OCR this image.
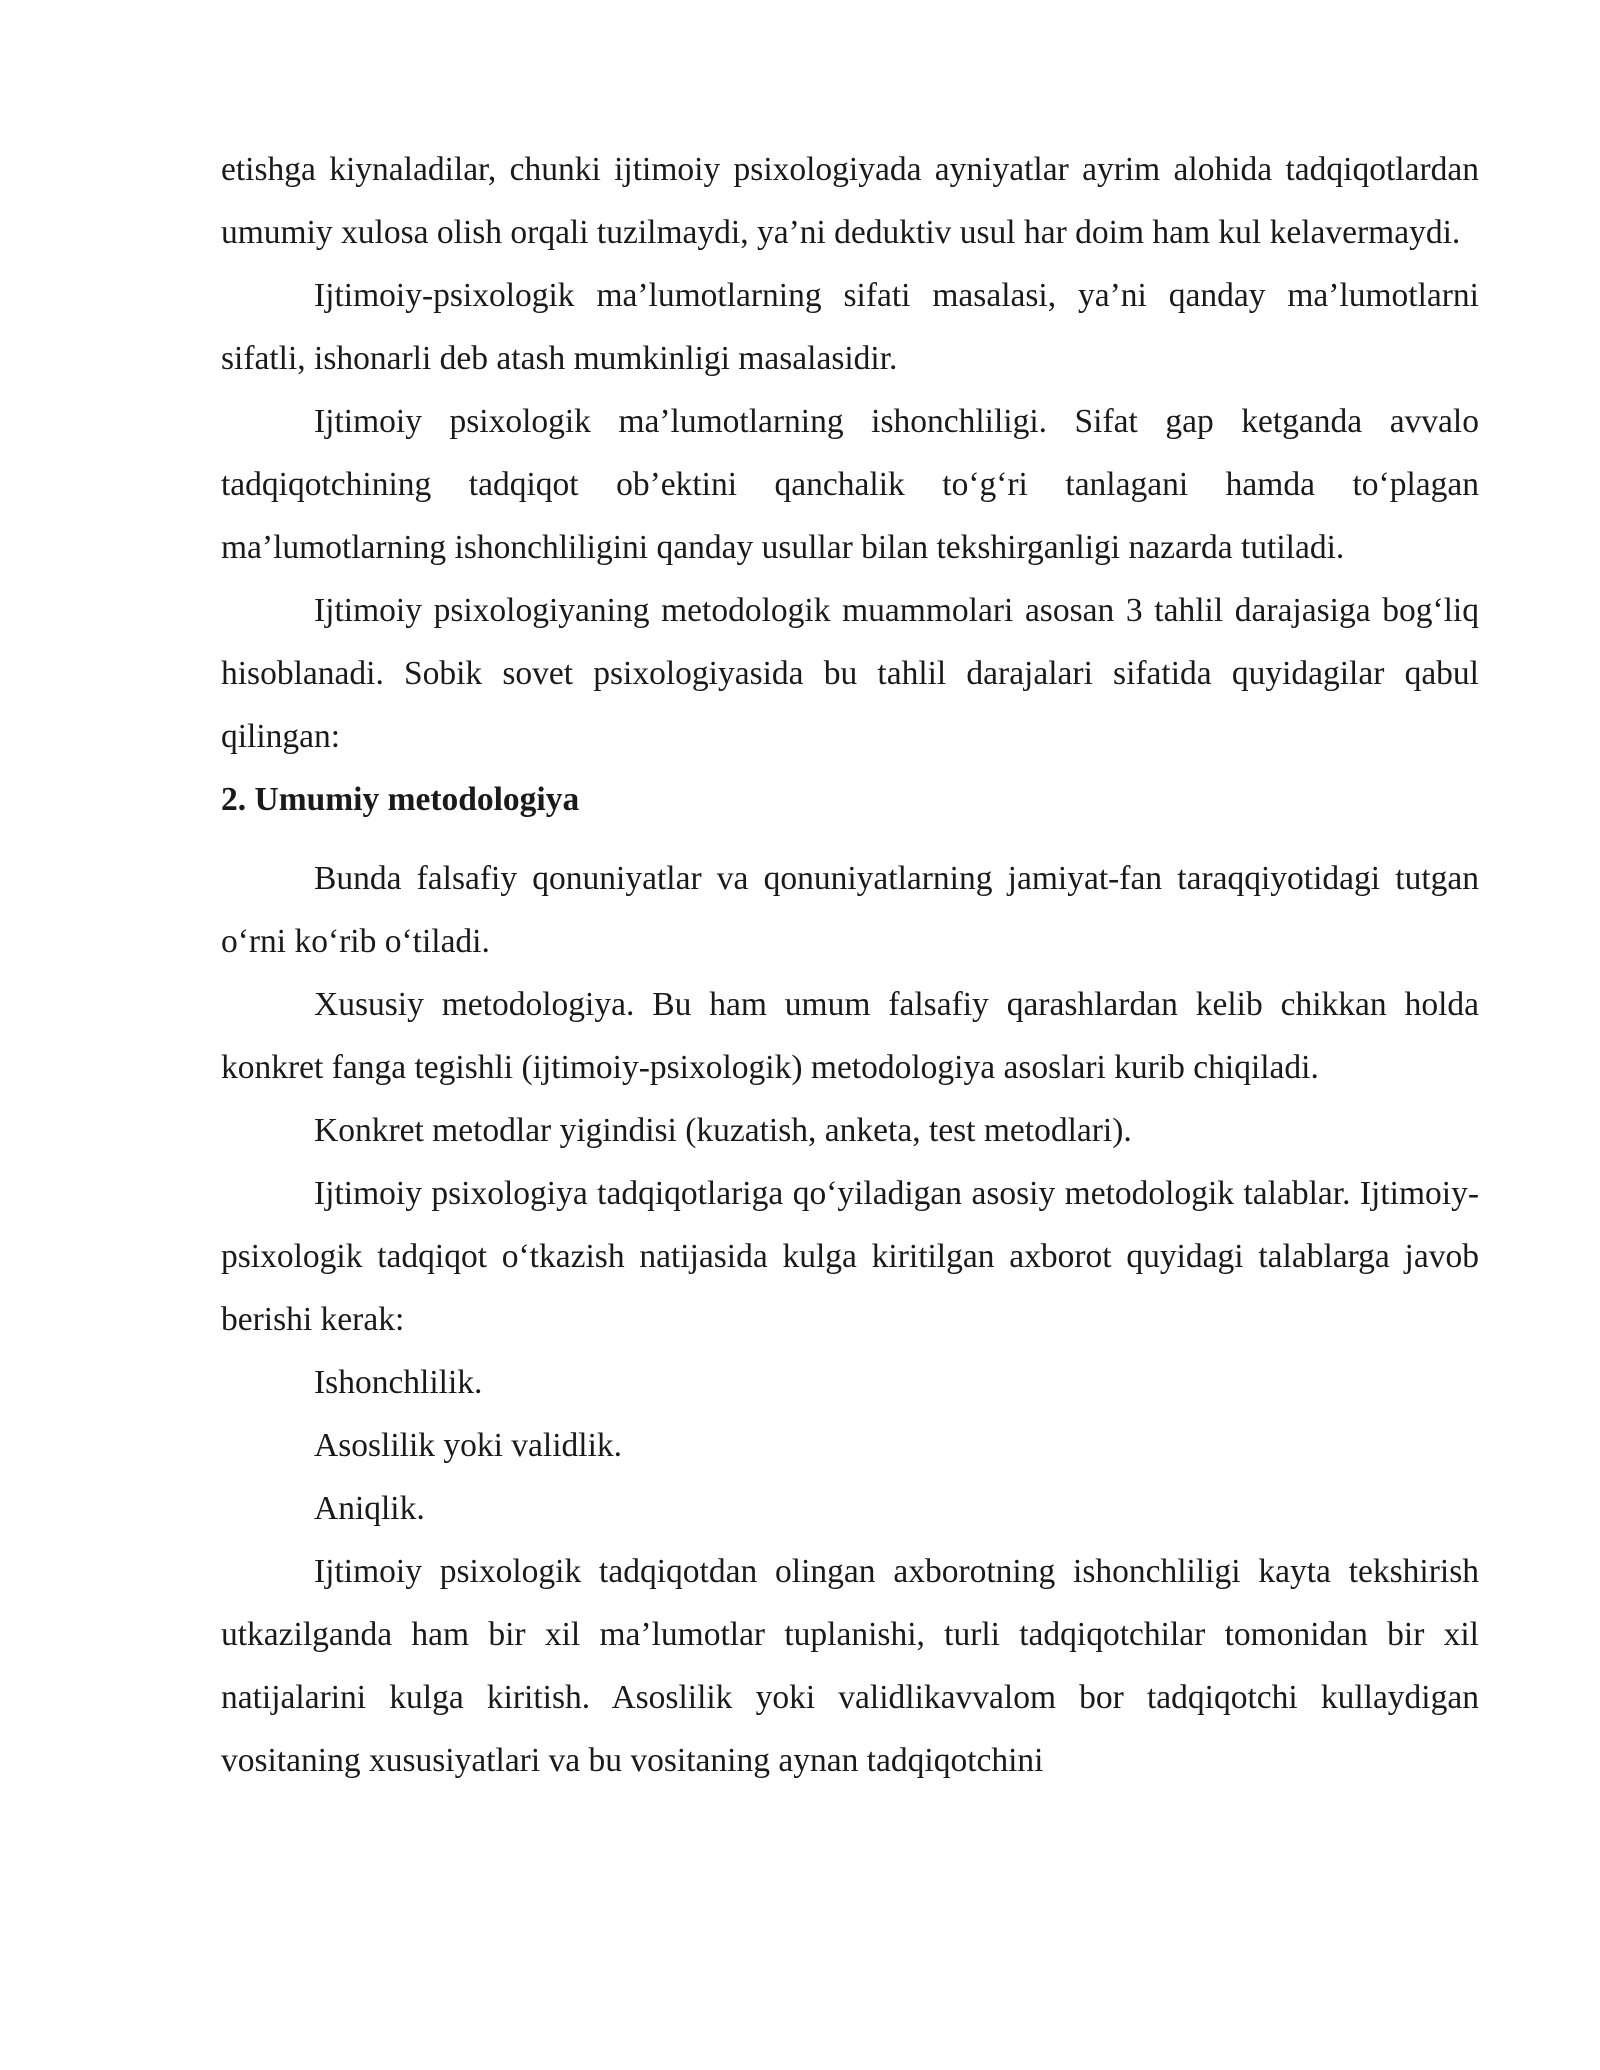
etishga kiynaladilar, chunki ijtimoiy psixologiyada ayniyatlar ayrim alohida tadqiqotlardan umumiy xulosa olish orqali tuzilmaydi, ya’ni deduktiv usul har doim ham kul kelavermaydi.

Ijtimoiy-psixologik ma’lumotlarning sifati masalasi, ya’ni qanday ma’lumotlarni sifatli, ishonarli deb atash mumkinligi masalasidir.

Ijtimoiy psixologik ma’lumotlarning ishonchliligi. Sifat gap ketganda avvalo tadqiqotchining tadqiqot ob’ektini qanchalik to‘g‘ri tanlagani hamda to‘plagan ma’lumotlarning ishonchliligini qanday usullar bilan tekshirganligi nazarda tutiladi.

Ijtimoiy psixologiyaning metodologik muammolari asosan 3 tahlil darajasiga bog‘liq hisoblanadi. Sobik sovet psixologiyasida bu tahlil darajalari sifatida quyidagilar qabul qilingan:

2. Umumiy metodologiya

Bunda falsafiy qonuniyatlar va qonuniyatlarning jamiyat-fan taraqqiyotidagi tutgan o‘rni ko‘rib o‘tiladi.

Xususiy metodologiya. Bu ham umum falsafiy qarashlardan kelib chikkan holda konkret fanga tegishli (ijtimoiy-psixologik) metodologiya asoslari kurib chiqiladi.

Konkret metodlar yigindisi (kuzatish, anketa, test metodlari).

Ijtimoiy psixologiya tadqiqotlariga qo‘yiladigan asosiy metodologik talablar. Ijtimoiy-psixologik tadqiqot o‘tkazish natijasida kulga kiritilgan axborot quyidagi talablarga javob berishi kerak:

Ishonchlilik.

Asoslilik yoki validlik.

Aniqlik.

Ijtimoiy psixologik tadqiqotdan olingan axborotning ishonchliligi kayta tekshirish utkazilganda ham bir xil ma’lumotlar tuplanishi, turli tadqiqotchilar tomonidan bir xil natijalarini kulga kiritish. Asoslilik yoki validlikavvalom bor tadqiqotchi kullaydigan vositaning xususiyatlari va bu vositaning aynan tadqiqotchini
